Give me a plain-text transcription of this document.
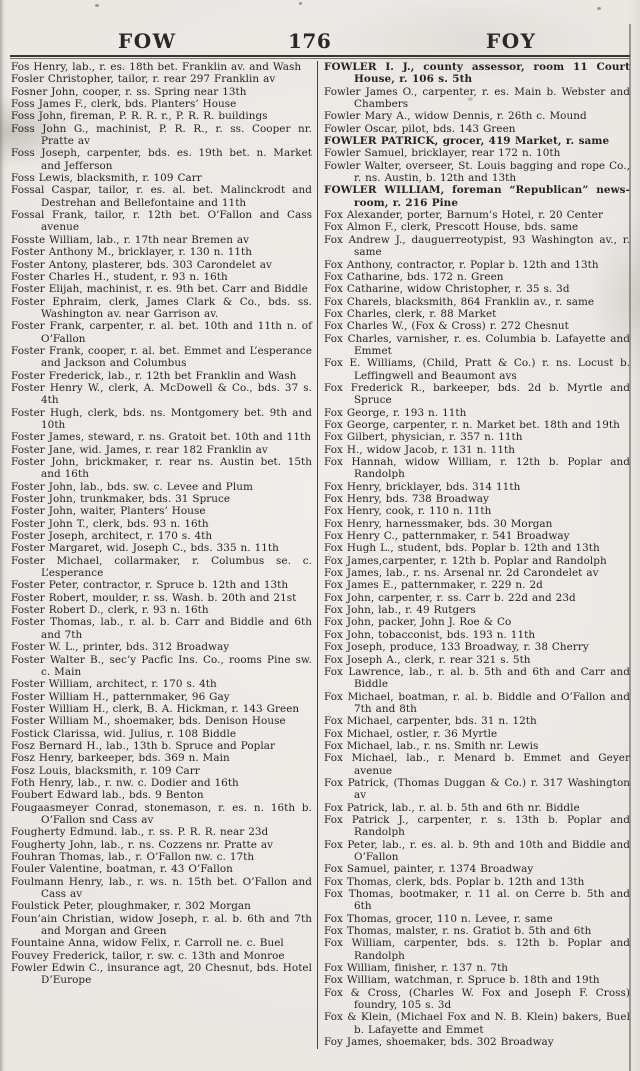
FOW	176	FOY

Fos Henry, lab., r. es. 18th bet. Franklin av. and Wash

Fosler Christopher, tailor, r. rear 297 Franklin av

Fosner John, cooper, r. ss. Spring near 13th

Foss James F., clerk, bds. Planters’ House

Foss John, fireman, P. R. R. r., P. R. R. buildings

Foss John G., machinist, P. R. R., r. ss. Cooper nr. Pratte av

Foss Joseph, carpenter, bds. es. 19th bet. n. Market and Jefferson

Foss Lewis, blacksmith, r. 109 Carr

Fossal Caspar, tailor, r. es. al. bet. Malinckrodt and Destrehan and Bellefontaine and 11th

Fossal Frank, tailor, r. 12th bet. O’Fallon and Cass avenue

Fosste William, lab., r. 17th near Bremen av

Foster Anthony M., bricklayer, r. 130 n. 11th

Foster Antony, plasterer, bds. 303 Carondelet av

Foster Charles H., student, r. 93 n. 16th

Foster Elijah, machinist, r. es. 9th bet. Carr and Biddle

Foster Ephraim, clerk, James Clark & Co., bds. ss. Washington av. near Garrison av.

Foster Frank, carpenter, r. al. bet. 10th and 11th n. of O’Fallon

Foster Frank, cooper, r. al. bet. Emmet and L’esperance and Jackson and Columbus

Foster Frederick, lab., r. 12th bet Franklin and Wash

Foster Henry W., clerk, A. McDowell & Co., bds. 37 s. 4th

Foster Hugh, clerk, bds. ns. Montgomery bet. 9th and 10th

Foster James, steward, r. ns. Gratoit bet. 10th and 11th

Foster Jane, wid. James, r. rear 182 Franklin av

Foster John, brickmaker, r. rear ns. Austin bet. 15th and 16th

Foster John, lab., bds. sw. c. Levee and Plum

Foster John, trunkmaker, bds. 31 Spruce

Foster John, waiter, Planters’ House

Foster John T., clerk, bds. 93 n. 16th

Foster Joseph, architect, r. 170 s. 4th

Foster Margaret, wid. Joseph C., bds. 335 n. 11th

Foster Michael, collarmaker, r. Columbus se. c. L’esperance

Foster Peter, contractor, r. Spruce b. 12th and 13th

Foster Robert, moulder, r. ss. Wash. b. 20th and 21st

Foster Robert D., clerk, r. 93 n. 16th

Foster Thomas, lab., r. al. b. Carr and Biddle and 6th and 7th

Foster W. L., printer, bds. 312 Broadway

Foster Walter B., sec’y Pacfic Ins. Co., rooms Pine sw. c. Main

Foster William, architect, r. 170 s. 4th

Foster William H., patternmaker, 96 Gay

Foster William H., clerk, B. A. Hickman, r. 143 Green

Foster William M., shoemaker, bds. Denison House

Fostick Clarissa, wid. Julius, r. 108 Biddle

Fosz Bernard H., lab., 13th b. Spruce and Poplar

Fosz Henry, barkeeper, bds. 369 n. Main

Fosz Louis, blacksmith, r. 109 Carr

Foth Henry, lab., r. nw. c. Dodier and 16th

Foubert Edward lab., bds. 9 Benton

Fougaasmeyer Conrad, stonemason, r. es. n. 16th b. O’Fallon snd Cass av

Fougherty Edmund. lab., r. ss. P. R. R. near 23d

Fougherty John, lab., r. ns. Cozzens nr. Pratte av

Fouhran Thomas, lab., r. O’Fallon nw. c. 17th

Fouler Valentine, boatman, r. 43 O’Fallon

Foulmann Henry, lab., r. ws. n. 15th bet. O’Fallon and Cass av

Foulstick Peter, ploughmaker, r. 302 Morgan

Foun’ain Christian, widow Joseph, r. al. b. 6th and 7th and Morgan and Green

Fountaine Anna, widow Felix, r. Carroll ne. c. Buel

Fouvey Frederick, tailor, r. sw. c. 13th and Monroe

Fowler Edwin C., insurance agt, 20 Chesnut, bds. Hotel D’Europe

FOWLER I. J., county assessor, room 11 Court House, r. 106 s. 5th

Fowler James O., carpenter, r. es. Main b. Webster and Chambers

Fowler Mary A., widow Dennis, r. 26th c. Mound

Fowler Oscar, pilot, bds. 143 Green

FOWLER PATRICK, grocer, 419 Market, r. same

Fowler Samuel, bricklayer, rear 172 n. 10th

Fowler Walter, overseer, St. Louis bagging and rope Co., r. ns. Austin, b. 12th and 13th

FOWLER WILLIAM, foreman “Republican” news-room, r. 216 Pine

Fox Alexander, porter, Barnum’s Hotel, r. 20 Center

Fox Almon F., clerk, Prescott House, bds. same

Fox Andrew J., dauguerreotypist, 93 Washington av., r. same

Fox Anthony, contractor, r. Poplar b. 12th and 13th

Fox Catharine, bds. 172 n. Green

Fox Catharine, widow Christopher, r. 35 s. 3d

Fox Charels, blacksmith, 864 Franklin av., r. same

Fox Charles, clerk, r. 88 Market

Fox Charles W., (Fox & Cross) r. 272 Chesnut

Fox Charles, varnisher, r. es. Columbia b. Lafayette and Emmet

Fox E. Williams, (Child, Pratt & Co.) r. ns. Locust b. Leffingwell and Beaumont avs

Fox Frederick R., barkeeper, bds. 2d b. Myrtle and Spruce

Fox George, r. 193 n. 11th

Fox George, carpenter, r. n. Market bet. 18th and 19th

Fox Gilbert, physician, r. 357 n. 11th

Fox H., widow Jacob, r. 131 n. 11th

Fox Hannah, widow William, r. 12th b. Poplar and Randolph

Fox Henry, bricklayer, bds. 314 11th

Fox Henry, bds. 738 Broadway

Fox Henry, cook, r. 110 n. 11th

Fox Henry, harnessmaker, bds. 30 Morgan

Fox Henry C., patternmaker, r. 541 Broadway

Fox Hugh L., student, bds. Poplar b. 12th and 13th

Fox James,carpenter, r. 12th b. Poplar and Randolph

Fox James, lab., r. ns. Arsenal nr. 2d Carondelet av

Fox James E., patternmaker, r. 229 n. 2d

Fox John, carpenter, r. ss. Carr b. 22d and 23d

Fox John, lab., r. 49 Rutgers

Fox John, packer, John J. Roe & Co

Fox John, tobacconist, bds. 193 n. 11th

Fox Joseph, produce, 133 Broadway, r. 38 Cherry

Fox Joseph A., clerk, r. rear 321 s. 5th

Fox Lawrence, lab., r. al. b. 5th and 6th and Carr and Biddle

Fox Michael, boatman, r. al. b. Biddle and O’Fallon and 7th and 8th

Fox Michael, carpenter, bds. 31 n. 12th

Fox Michael, ostler, r. 36 Myrtle

Fox Michael, lab., r. ns. Smith nr. Lewis

Fox Michael, lab., r. Menard b. Emmet and Geyer avenue

Fox Patrick, (Thomas Duggan & Co.) r. 317 Washington av

Fox Patrick, lab., r. al. b. 5th and 6th nr. Biddle

Fox Patrick J., carpenter, r. s. 13th b. Poplar and Randolph

Fox Peter, lab., r. es. al. b. 9th and 10th and Biddle and O’Fallon

Fox Samuel, painter, r. 1374 Broadway

Fox Thomas, clerk, bds. Poplar b. 12th and 13th

Fox Thomas, bootmaker, r. 11 al. on Cerre b. 5th and 6th

Fox Thomas, grocer, 110 n. Levee, r. same

Fox Thomas, malster, r. ns. Gratiot b. 5th and 6th

Fox William, carpenter, bds. s. 12th b. Poplar and Randolph

Fox William, finisher, r. 137 n. 7th

Fox William, watchman, r. Spruce b. 18th and 19th

Fox & Cross, (Charles W. Fox and Joseph F. Cross) foundry, 105 s. 3d

Fox & Klein, (Michael Fox and N. B. Klein) bakers, Buel b. Lafayette and Emmet

Foy James, shoemaker, bds. 302 Broadway
